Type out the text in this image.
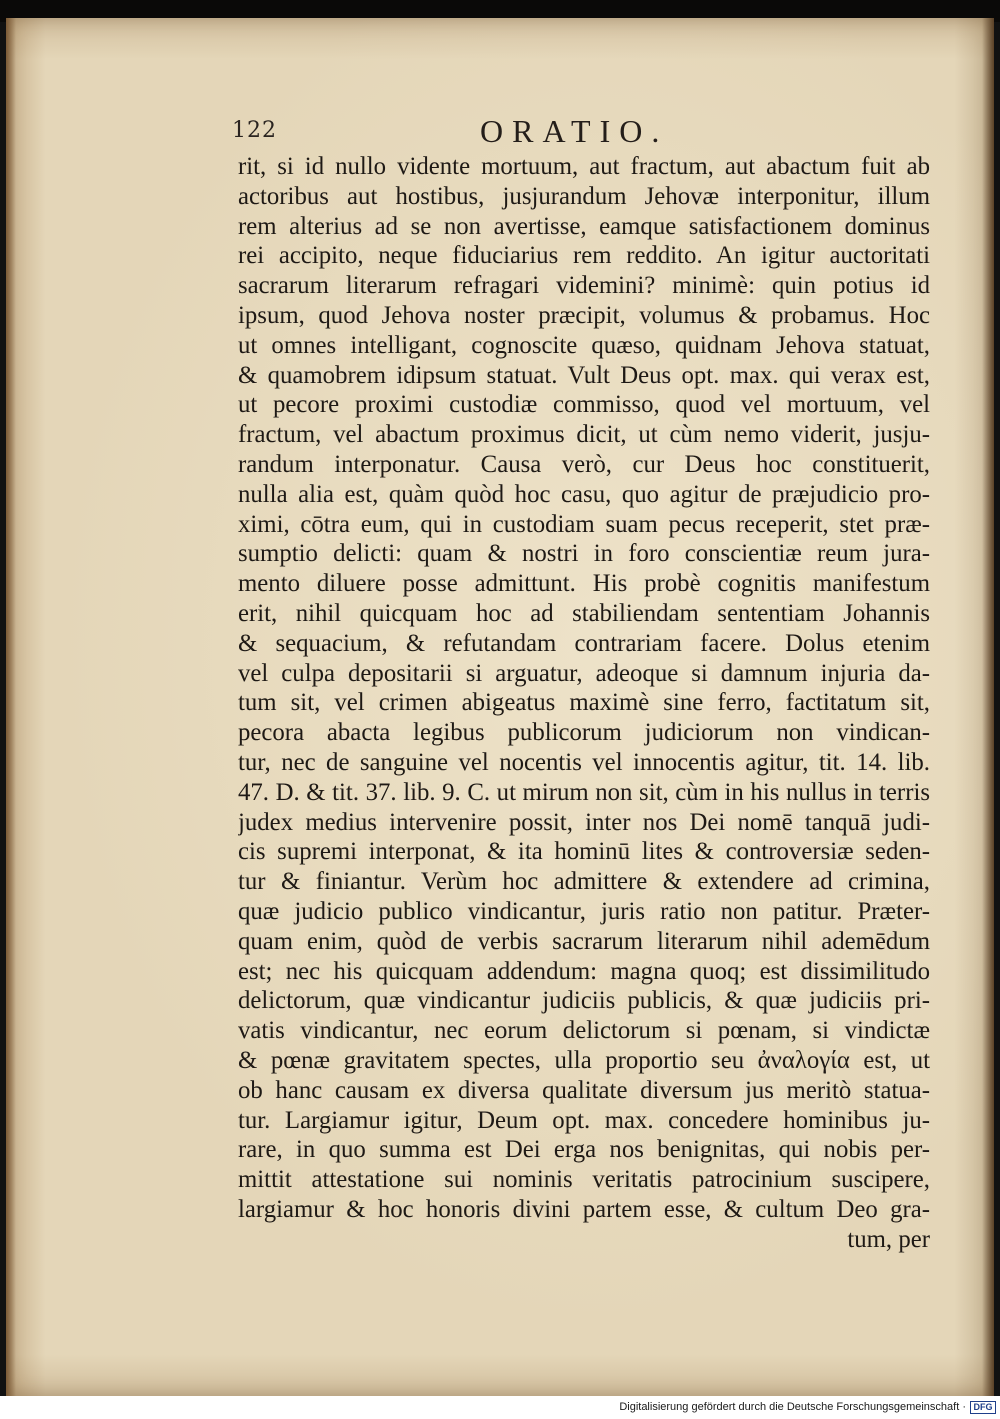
122	ORATIO.
rit, si id nullo vidente mortuum, aut fractum, aut abactum fuit ab
actoribus aut hostibus, jusjurandum Jehovæ interponitur, illum
rem alterius ad se non avertisse, eamque satisfactionem dominus
rei accipito, neque fiduciarius rem reddito. An igitur auctoritati
sacrarum literarum refragari videmini? minimè: quin potius id
ipsum, quod Jehova noster præcipit, volumus & probamus. Hoc
ut omnes intelligant, cognoscite quæso, quidnam Jehova statuat,
& quamobrem idipsum statuat. Vult Deus opt. max. qui verax est,
ut pecore proximi custodiæ commisso, quod vel mortuum, vel
fractum, vel abactum proximus dicit, ut cùm nemo viderit, jusju-
randum interponatur. Causa verò, cur Deus hoc constituerit,
nulla alia est, quàm quòd hoc casu, quo agitur de præjudicio pro-
ximi, cōtra eum, qui in custodiam suam pecus receperit, stet præ-
sumptio delicti: quam & nostri in foro conscientiæ reum jura-
mento diluere posse admittunt. His probè cognitis manifestum
erit, nihil quicquam hoc ad stabiliendam sententiam Johannis
& sequacium, & refutandam contrariam facere. Dolus etenim
vel culpa depositarii si arguatur, adeoque si damnum injuria da-
tum sit, vel crimen abigeatus maximè sine ferro, factitatum sit,
pecora abacta legibus publicorum judiciorum non vindican-
tur, nec de sanguine vel nocentis vel innocentis agitur, tit. 14. lib.
47. D. & tit. 37. lib. 9. C. ut mirum non sit, cùm in his nullus in terris
judex medius intervenire possit, inter nos Dei nomē tanquā judi-
cis supremi interponat, & ita hominū lites & controversiæ seden-
tur & finiantur. Verùm hoc admittere & extendere ad crimina,
quæ judicio publico vindicantur, juris ratio non patitur. Præter-
quam enim, quòd de verbis sacrarum literarum nihil ademēdum
est; nec his quicquam addendum: magna quoq; est dissimilitudo
delictorum, quæ vindicantur judiciis publicis, & quæ judiciis pri-
vatis vindicantur, nec eorum delictorum si pœnam, si vindictæ
& pœnæ gravitatem spectes, ulla proportio seu ἀναλογία est, ut
ob hanc causam ex diversa qualitate diversum jus meritò statua-
tur. Largiamur igitur, Deum opt. max. concedere hominibus ju-
rare, in quo summa est Dei erga nos benignitas, qui nobis per-
mittit attestatione sui nominis veritatis patrocinium suscipere,
largiamur & hoc honoris divini partem esse, & cultum Deo gra-
tum, per
Digitalisierung gefördert durch die Deutsche Forschungsgemeinschaft · DFG
